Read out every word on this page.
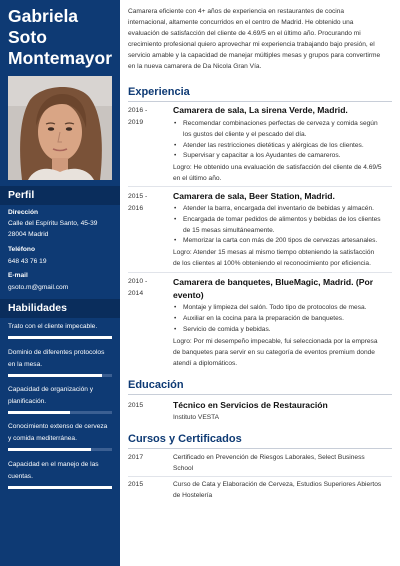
Gabriela
Soto
Montemayor
Perfil
Dirección
Calle del Espíritu Santo, 45-39
28004 Madrid
Teléfono
648 43 76 19
E-mail
gsoto.m@gmail.com
Habilidades
Trato con el cliente impecable.
Dominio de diferentes protocolos
en la mesa.
Capacidad de organización y
planificación.
Conocimiento extenso de cerveza
y comida mediterránea.
Capacidad en el manejo de las
cuentas.
Camarera eficiente con 4+ años de experiencia en restaurantes de cocina
internacional, altamente concurridos en el centro de Madrid. He obtenido una
evaluación de satisfacción del cliente de 4.69/5 en el último año. Procurando mi
crecimiento profesional quiero aprovechar mi experiencia trabajando bajo presión, el
servicio amable y la capacidad de manejar múltiples mesas y grupos para convertirme
en la nueva camarera de Da Nicola Gran Vía.
Experiencia
2016 -
2019
Camarera de sala, La sirena Verde, Madrid.
• Recomendar combinaciones perfectas de cerveza y comida según
los gustos del cliente y el pescado del día.
• Atender las restricciones dietéticas y alérgicas de los clientes.
• Supervisar y capacitar a los Ayudantes de camareros.
Logro: He obtenido una evaluación de satisfacción del cliente de 4.69/5
en el último año.
2015 -
2016
Camarera de sala, Beer Station, Madrid.
• Atender la barra, encargada del inventario de bebidas y almacén.
• Encargada de tomar pedidos de alimentos y bebidas de los clientes
de 15 mesas simultáneamente.
• Memorizar la carta con más de 200 tipos de cervezas artesanales.
Logro: Atender 15 mesas al mismo tiempo obteniendo la satisfacción
de los clientes al 100% obteniendo el reconocimiento por eficiencia.
2010 -
2014
Camarera de banquetes, BlueMagic, Madrid. (Por
evento)
• Montaje y limpieza del salón. Todo tipo de protocolos de mesa.
• Auxiliar en la cocina para la preparación de banquetes.
• Servicio de comida y bebidas.
Logro: Por mi desempeño impecable, fui seleccionada por la empresa
de banquetes para servir en su categoría de eventos premium donde
atendí a diplomáticos.
Educación
2015	Técnico en Servicios de Restauración
Instituto VESTA
Cursos y Certificados
2017	Certificado en Prevención de Riesgos Laborales, Select Business
School
2015	Curso de Cata y Elaboración de Cerveza, Estudios Superiores Abiertos
de Hostelería
